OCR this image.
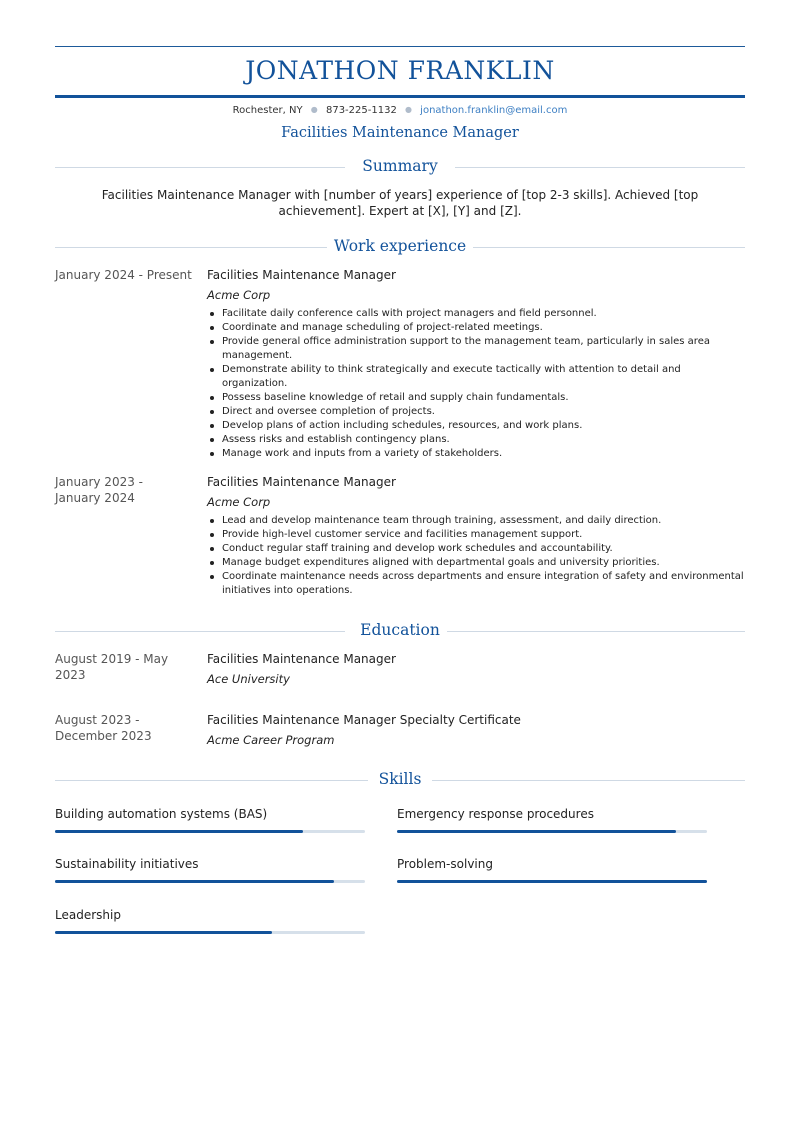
JONATHON FRANKLIN
Rochester, NY ● 873-225-1132 ● jonathon.franklin@email.com
Facilities Maintenance Manager
Summary
Facilities Maintenance Manager with [number of years] experience of [top 2-3 skills]. Achieved [top achievement]. Expert at [X], [Y] and [Z].
Work experience
January 2024 - Present Facilities Maintenance Manager
Acme Corp
Facilitate daily conference calls with project managers and field personnel.
Coordinate and manage scheduling of project-related meetings.
Provide general office administration support to the management team, particularly in sales area management.
Demonstrate ability to think strategically and execute tactically with attention to detail and organization.
Possess baseline knowledge of retail and supply chain fundamentals.
Direct and oversee completion of projects.
Develop plans of action including schedules, resources, and work plans.
Assess risks and establish contingency plans.
Manage work and inputs from a variety of stakeholders.
January 2023 - January 2024
Facilities Maintenance Manager
Acme Corp
Lead and develop maintenance team through training, assessment, and daily direction.
Provide high-level customer service and facilities management support.
Conduct regular staff training and develop work schedules and accountability.
Manage budget expenditures aligned with departmental goals and university priorities.
Coordinate maintenance needs across departments and ensure integration of safety and environmental initiatives into operations.
Education
August 2019 - May 2023
Facilities Maintenance Manager
Ace University
August 2023 - December 2023
Facilities Maintenance Manager Specialty Certificate
Acme Career Program
Skills
Building automation systems (BAS)	Emergency response procedures
Sustainability initiatives	Problem-solving
Leadership
